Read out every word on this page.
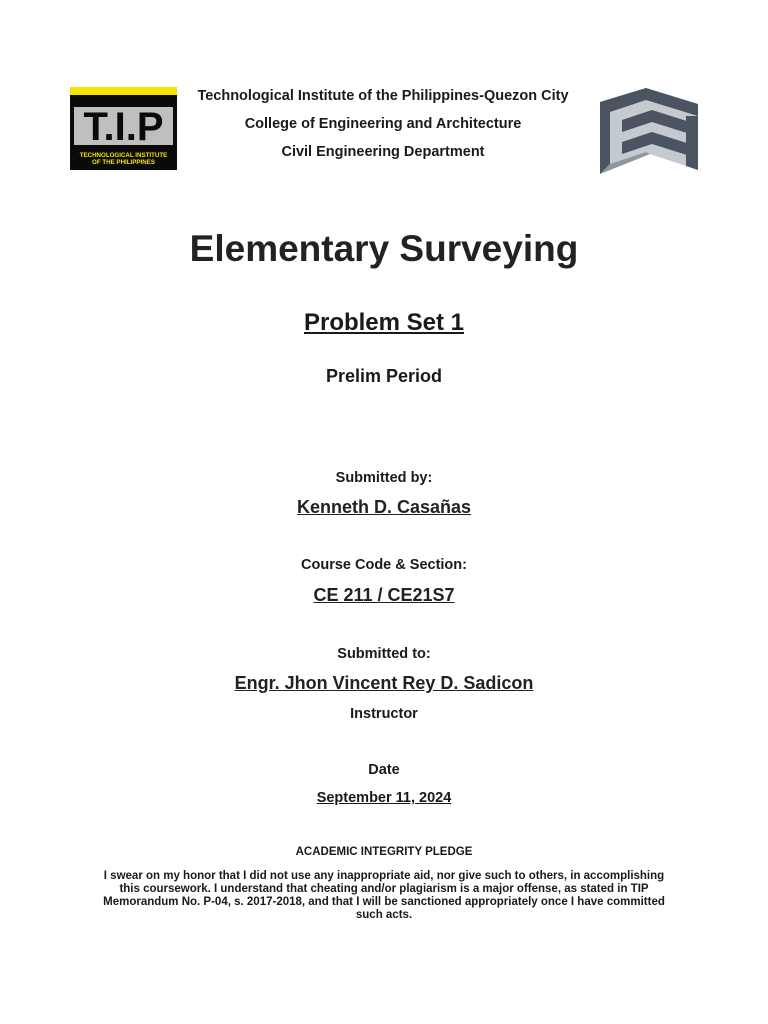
T.I.P
TECHNOLOGICAL INSTITUTE
OF THE PHILIPPINES
Technological Institute of the Philippines-Quezon City
College of Engineering and Architecture
Civil Engineering Department
Elementary Surveying
Problem Set 1
Prelim Period
Submitted by:
Kenneth D. Casañas
Course Code & Section:
CE 211 / CE21S7
Submitted to:
Engr. Jhon Vincent Rey D. Sadicon
Instructor
Date
September 11, 2024
ACADEMIC INTEGRITY PLEDGE
I swear on my honor that I did not use any inappropriate aid, nor give such to others, in accomplishing this coursework. I understand that cheating and/or plagiarism is a major offense, as stated in TIP Memorandum No. P-04, s. 2017-2018, and that I will be sanctioned appropriately once I have committed such acts.
